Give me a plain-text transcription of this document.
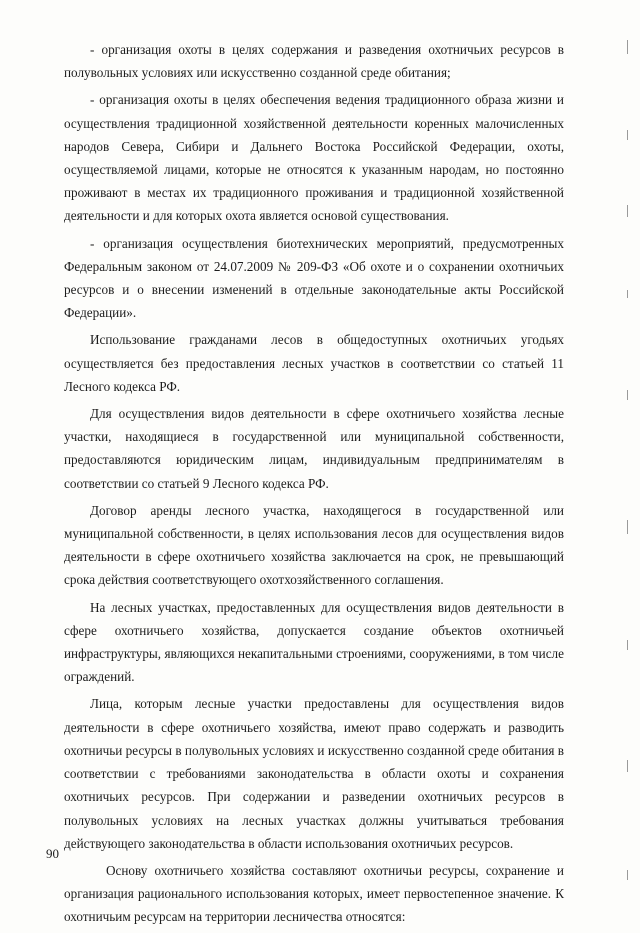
- организация охоты в целях содержания и разведения охотничьих ресурсов в полувольных условиях или искусственно созданной среде обитания;

- организация охоты в целях обеспечения ведения традиционного образа жизни и осуществления традиционной хозяйственной деятельности коренных малочисленных народов Севера, Сибири и Дальнего Востока Российской Федерации, охоты, осуществляемой лицами, которые не относятся к указанным народам, но постоянно проживают в местах их традиционного проживания и традиционной хозяйственной деятельности и для которых охота является основой существования.

- организация осуществления биотехнических мероприятий, предусмотренных Федеральным законом от 24.07.2009 № 209-ФЗ «Об охоте и о сохранении охотничьих ресурсов и о внесении изменений в отдельные законодательные акты Российской Федерации».

Использование гражданами лесов в общедоступных охотничьих угодьях осуществляется без предоставления лесных участков в соответствии со статьей 11 Лесного кодекса РФ.

Для осуществления видов деятельности в сфере охотничьего хозяйства лесные участки, находящиеся в государственной или муниципальной собственности, предоставляются юридическим лицам, индивидуальным предпринимателям в соответствии со статьей 9 Лесного кодекса РФ.

Договор аренды лесного участка, находящегося в государственной или муниципальной собственности, в целях использования лесов для осуществления видов деятельности в сфере охотничьего хозяйства заключается на срок, не превышающий срока действия соответствующего охотхозяйственного соглашения.

На лесных участках, предоставленных для осуществления видов деятельности в сфере охотничьего хозяйства, допускается создание объектов охотничьей инфраструктуры, являющихся некапитальными строениями, сооружениями, в том числе ограждений.

Лица, которым лесные участки предоставлены для осуществления видов деятельности в сфере охотничьего хозяйства, имеют право содержать и разводить охотничьи ресурсы в полувольных условиях и искусственно созданной среде обитания в соответствии с требованиями законодательства в области охоты и сохранения охотничьих ресурсов. При содержании и разведении охотничьих ресурсов в полувольных условиях на лесных участках должны учитываться требования действующего законодательства в области использования охотничьих ресурсов.

Основу охотничьего хозяйства составляют охотничьи ресурсы, сохранение и организация рационального использования которых, имеет первостепенное значение. К охотничьим ресурсам на территории лесничества относятся:

90
